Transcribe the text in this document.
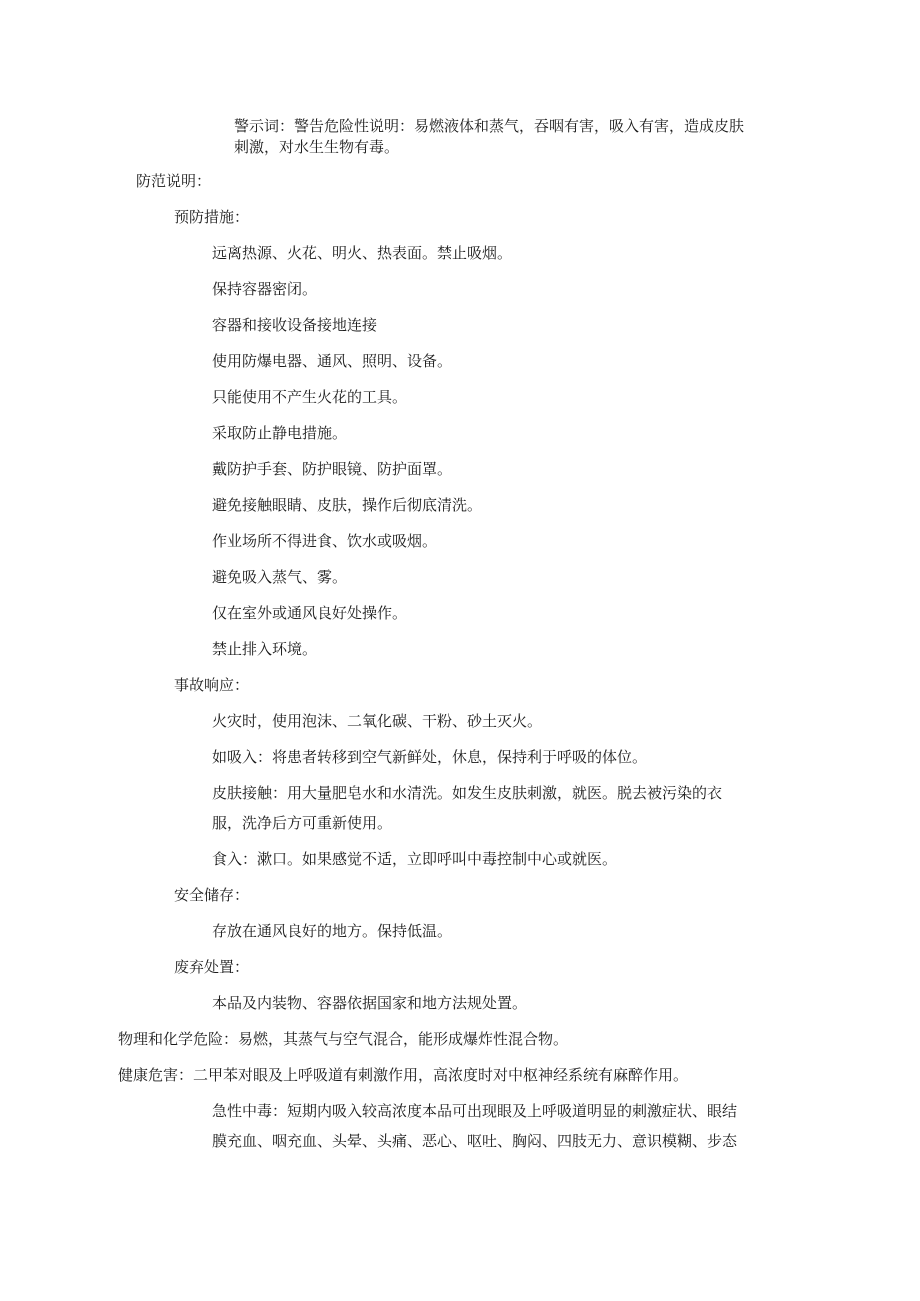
警示词：警告危险性说明：易燃液体和蒸气，吞咽有害，吸入有害，造成皮肤
刺激，对水生生物有毒。
防范说明：
预防措施：
远离热源、火花、明火、热表面。禁止吸烟。
保持容器密闭。
容器和接收设备接地连接
使用防爆电器、通风、照明、设备。
只能使用不产生火花的工具。
采取防止静电措施。
戴防护手套、防护眼镜、防护面罩。
避免接触眼睛、皮肤，操作后彻底清洗。
作业场所不得进食、饮水或吸烟。
避免吸入蒸气、雾。
仅在室外或通风良好处操作。
禁止排入环境。
事故响应：
火灾时，使用泡沫、二氧化碳、干粉、砂土灭火。
如吸入：将患者转移到空气新鲜处，休息，保持利于呼吸的体位。
皮肤接触：用大量肥皂水和水清洗。如发生皮肤刺激，就医。脱去被污染的衣
服，洗净后方可重新使用。
食入：漱口。如果感觉不适，立即呼叫中毒控制中心或就医。
安全储存：
存放在通风良好的地方。保持低温。
废弃处置：
本品及内装物、容器依据国家和地方法规处置。
物理和化学危险：易燃，其蒸气与空气混合，能形成爆炸性混合物。
健康危害：二甲苯对眼及上呼吸道有刺激作用，高浓度时对中枢神经系统有麻醉作用。
急性中毒：短期内吸入较高浓度本品可出现眼及上呼吸道明显的刺激症状、眼结
膜充血、咽充血、头晕、头痛、恶心、呕吐、胸闷、四肢无力、意识模糊、步态
